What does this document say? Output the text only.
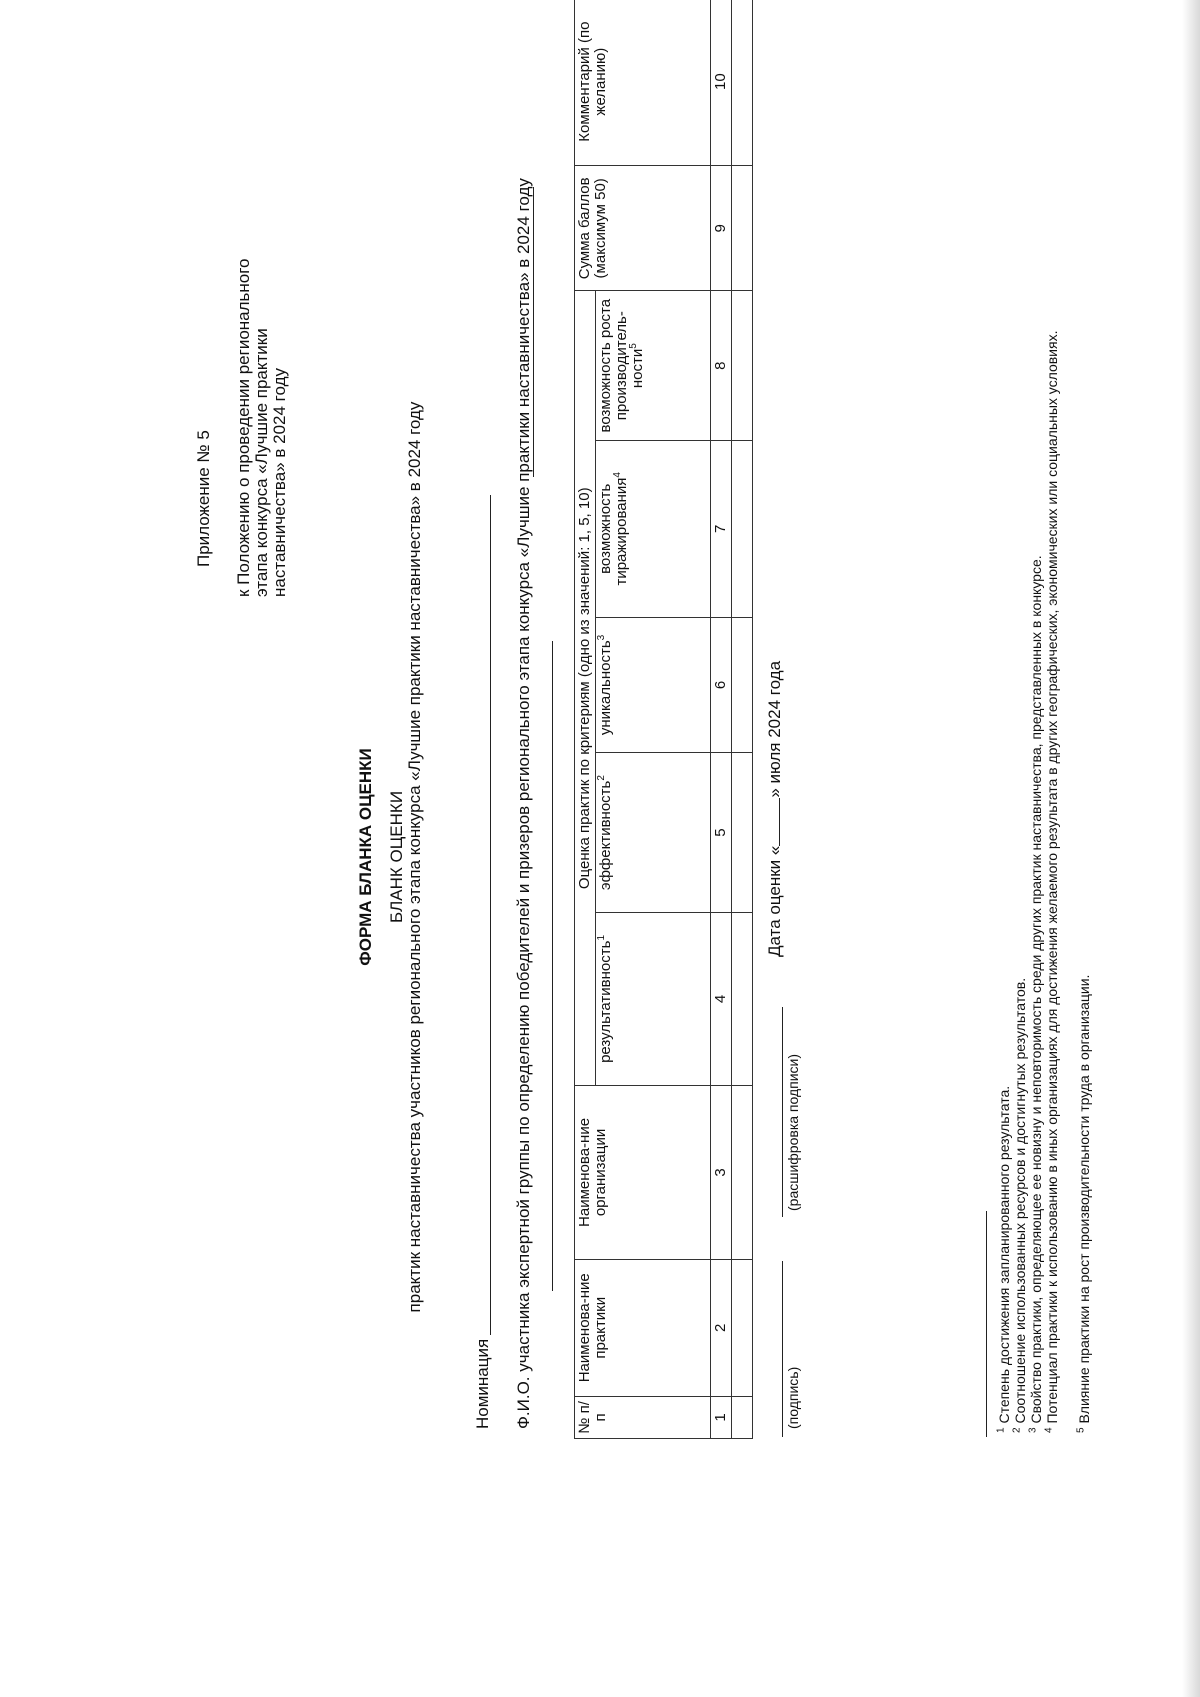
Приложение № 5 к Положению о проведении регионального этапа конкурса «Лучшие практики наставничества» в 2024 году
ФОРМА БЛАНКА ОЦЕНКИ БЛАНК ОЦЕНКИ практик наставничества участников регионального этапа конкурса «Лучшие практики наставничества» в 2024 году
Номинация Ф.И.О. участника экспертной группы по определению победителей и призеров регионального этапа конкурса «Лучшие практики наставничества» в 2024 году	№ п/п	Наименова-ние практики	Наименова-ние организации	Оценка практик по критериям (одно из значений: 1, 5, 10)					Сумма баллов (максимум 50)	Комментарий (по желанию)
			результативность$^1$	эффективность$^2$	уникальность$^3$	возможность тиражирования$^4$	возможность роста производитель-ности$^5$
1	2	3	4	5	6	7	8	9	10

Дата оценки «» июля 2024 года
(подпись)
(расшифровка подписи)
$^1$ Степень достижения запланированного результата.
$^2$ Соотношение использованных ресурсов и достигнутых результатов.
$^3$ Свойство практики, определяющее ее новизну и неповторимость среди других практик наставничества, представленных в конкурсе.
$^4$ Потенциал практики к использованию в иных организациях для достижения желаемого результата в других географических, экономических или социальных условиях.
$^5$ Влияние практики на рост производительности труда в организации.
